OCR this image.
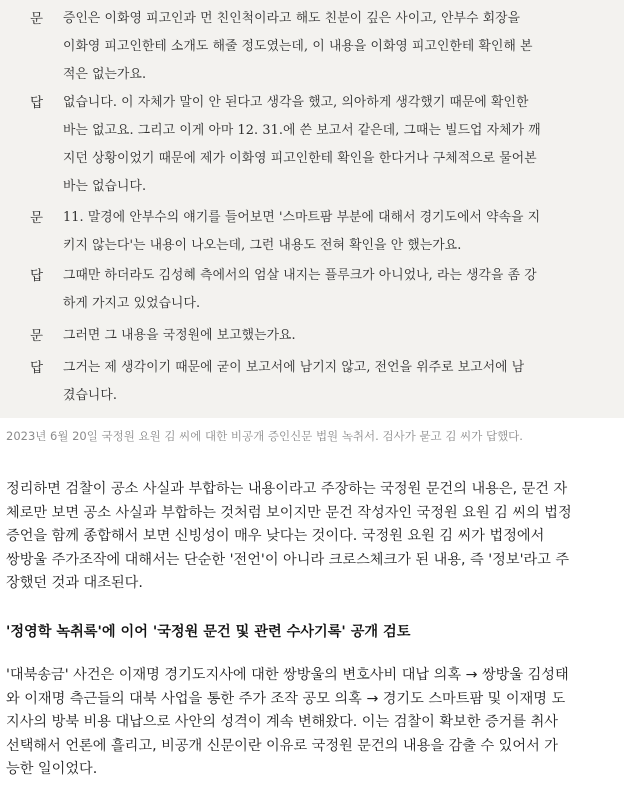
문 증인은 이화영 피고인과 먼 친인척이라고 해도 친분이 깊은 사이고, 안부수 회장을
이화영 피고인한테 소개도 해줄 정도였는데, 이 내용을 이화영 피고인한테 확인해 본
적은 없는가요.
답 없습니다. 이 자체가 말이 안 된다고 생각을 했고, 의아하게 생각했기 때문에 확인한
바는 없고요. 그리고 이게 아마 12. 31.에 쓴 보고서 같은데, 그때는 빌드업 자체가 깨
지던 상황이었기 때문에 제가 이화영 피고인한테 확인을 한다거나 구체적으로 물어본
바는 없습니다.
문 11. 말경에 안부수의 얘기를 들어보면 '스마트팜 부분에 대해서 경기도에서 약속을 지
키지 않는다'는 내용이 나오는데, 그런 내용도 전혀 확인을 안 했는가요.
답 그때만 하더라도 김성혜 측에서의 엄살 내지는 플루크가 아니었나, 라는 생각을 좀 강
하게 가지고 있었습니다.
문 그러면 그 내용을 국정원에 보고했는가요.
답 그거는 제 생각이기 때문에 굳이 보고서에 남기지 않고, 전언을 위주로 보고서에 남
겼습니다.
2023년 6월 20일 국정원 요원 김 씨에 대한 비공개 증인신문 법원 녹취서. 검사가 묻고 김 씨가 답했다.
정리하면 검찰이 공소 사실과 부합하는 내용이라고 주장하는 국정원 문건의 내용은, 문건 자
체로만 보면 공소 사실과 부합하는 것처럼 보이지만 문건 작성자인 국정원 요원 김 씨의 법정
증언을 함께 종합해서 보면 신빙성이 매우 낮다는 것이다. 국정원 요원 김 씨가 법정에서
쌍방울 주가조작에 대해서는 단순한 '전언'이 아니라 크로스체크가 된 내용, 즉 '정보'라고 주
장했던 것과 대조된다.
'정영학 녹취록'에 이어 '국정원 문건 및 관련 수사기록' 공개 검토
'대북송금' 사건은 이재명 경기도지사에 대한 쌍방울의 변호사비 대납 의혹 → 쌍방울 김성태
와 이재명 측근들의 대북 사업을 통한 주가 조작 공모 의혹 → 경기도 스마트팜 및 이재명 도
지사의 방북 비용 대납으로 사안의 성격이 계속 변해왔다. 이는 검찰이 확보한 증거를 취사
선택해서 언론에 흘리고, 비공개 신문이란 이유로 국정원 문건의 내용을 감출 수 있어서 가
능한 일이었다.
